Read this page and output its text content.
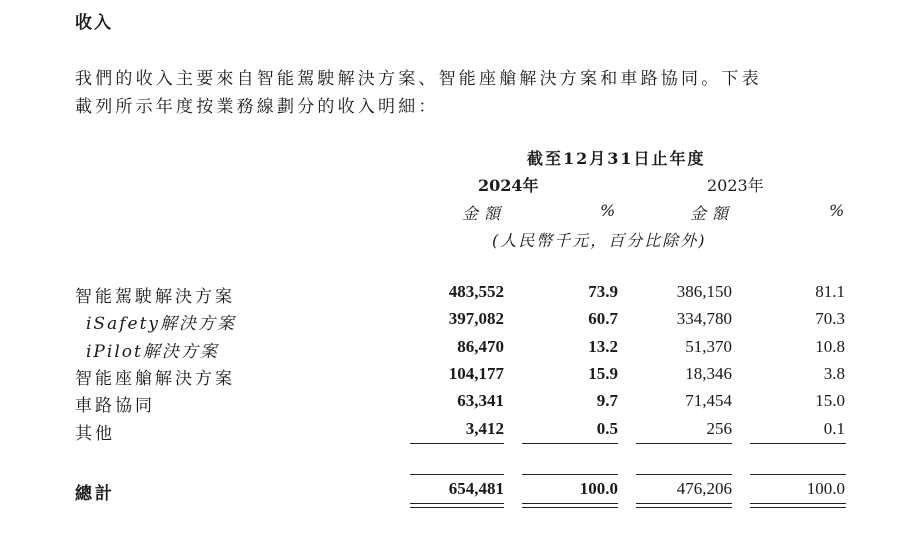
收入
我們的收入主要來自智能駕駛解決方案、智能座艙解決方案和車路協同。下表
載列所示年度按業務線劃分的收入明細：
截至12月31日止年度
2024年	2023年
金額	%	金額	%
(人民幣千元，百分比除外)
智能駕駛解決方案	483,552	73.9	386,150	81.1
iSafety解決方案	397,082	60.7	334,780	70.3
iPilot解決方案	86,470	13.2	51,370	10.8
智能座艙解決方案	104,177	15.9	18,346	3.8
車路協同	63,341	9.7	71,454	15.0
其他	3,412	0.5	256	0.1
總計	654,481	100.0	476,206	100.0
